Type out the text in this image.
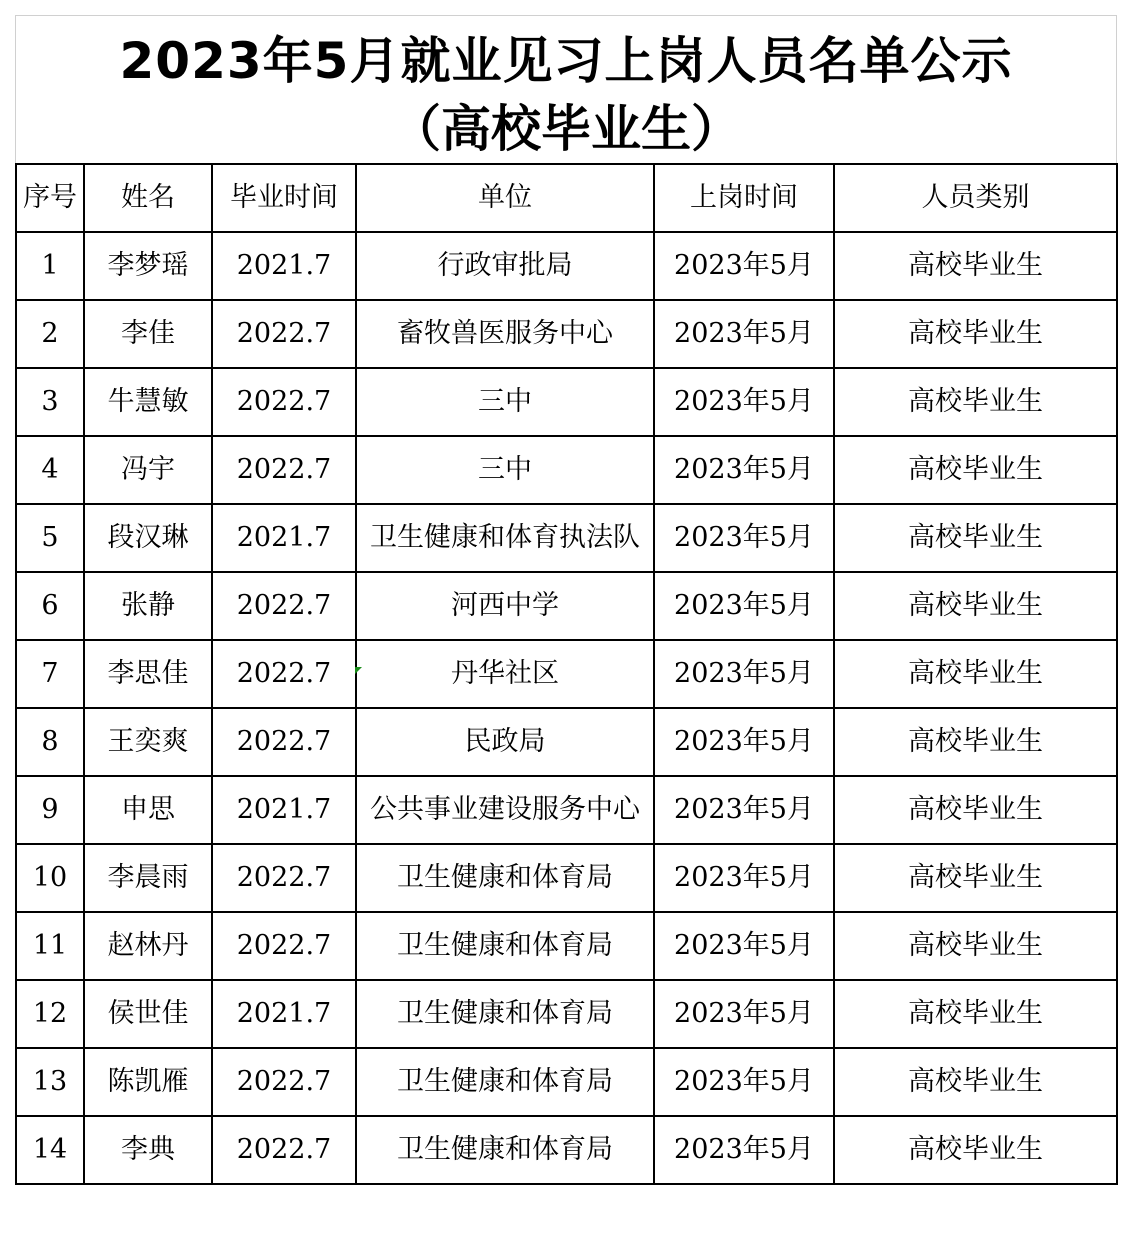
2023年5月就业见习上岗人员名单公示
（高校毕业生）
序号	姓名	毕业时间	单位	上岗时间	人员类别
1	李梦瑶	2021.7	行政审批局	2023年5月	高校毕业生
2	李佳	2022.7	畜牧兽医服务中心	2023年5月	高校毕业生
3	牛慧敏	2022.7	三中	2023年5月	高校毕业生
4	冯宇	2022.7	三中	2023年5月	高校毕业生
5	段汉琳	2021.7	卫生健康和体育执法队	2023年5月	高校毕业生
6	张静	2022.7	河西中学	2023年5月	高校毕业生
7	李思佳	2022.7	丹华社区	2023年5月	高校毕业生
8	王奕爽	2022.7	民政局	2023年5月	高校毕业生
9	申思	2021.7	公共事业建设服务中心	2023年5月	高校毕业生
10	李晨雨	2022.7	卫生健康和体育局	2023年5月	高校毕业生
11	赵林丹	2022.7	卫生健康和体育局	2023年5月	高校毕业生
12	侯世佳	2021.7	卫生健康和体育局	2023年5月	高校毕业生
13	陈凯雁	2022.7	卫生健康和体育局	2023年5月	高校毕业生
14	李典	2022.7	卫生健康和体育局	2023年5月	高校毕业生
